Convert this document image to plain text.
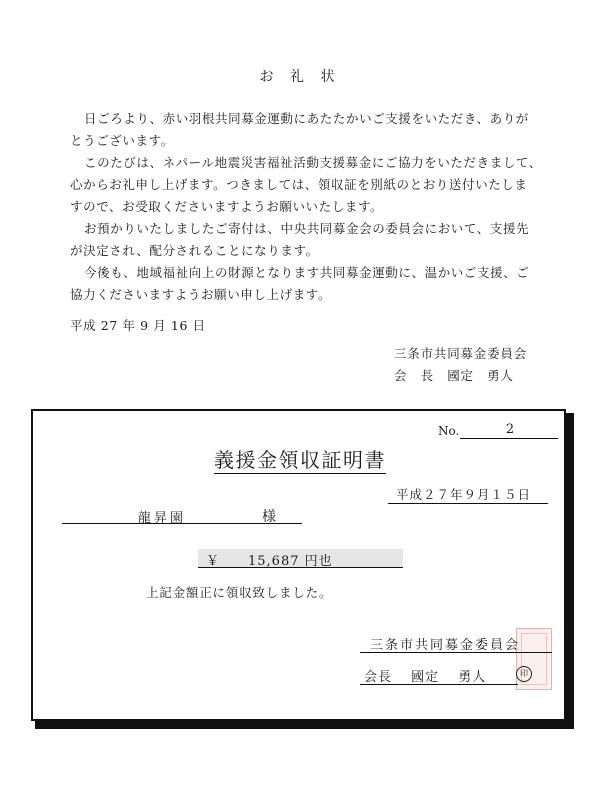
お 礼 状
日ごろより、赤い羽根共同募金運動にあたたかいご支援をいただき、ありが
とうございます。
このたびは、ネパール地震災害福祉活動支援募金にご協力をいただきまして、
心からお礼申し上げます。つきましては、領収証を別紙のとおり送付いたしま
すので、お受取くださいますようお願いいたします。
お預かりいたしましたご寄付は、中央共同募金会の委員会において、支援先
が決定され、配分されることになります。
今後も、地域福祉向上の財源となります共同募金運動に、温かいご支援、ご
協力くださいますようお願い申し上げます。
平成 27 年 9 月 16 日
三条市共同募金委員会
会　長　國定　勇人
No.	2
義援金領収証明書
平成２７年９月１５日
龍昇園	様
￥　　15,687 円也
上記金額正に領収致しました。
三条市共同募金委員会
会長　 國定　 勇人	印
